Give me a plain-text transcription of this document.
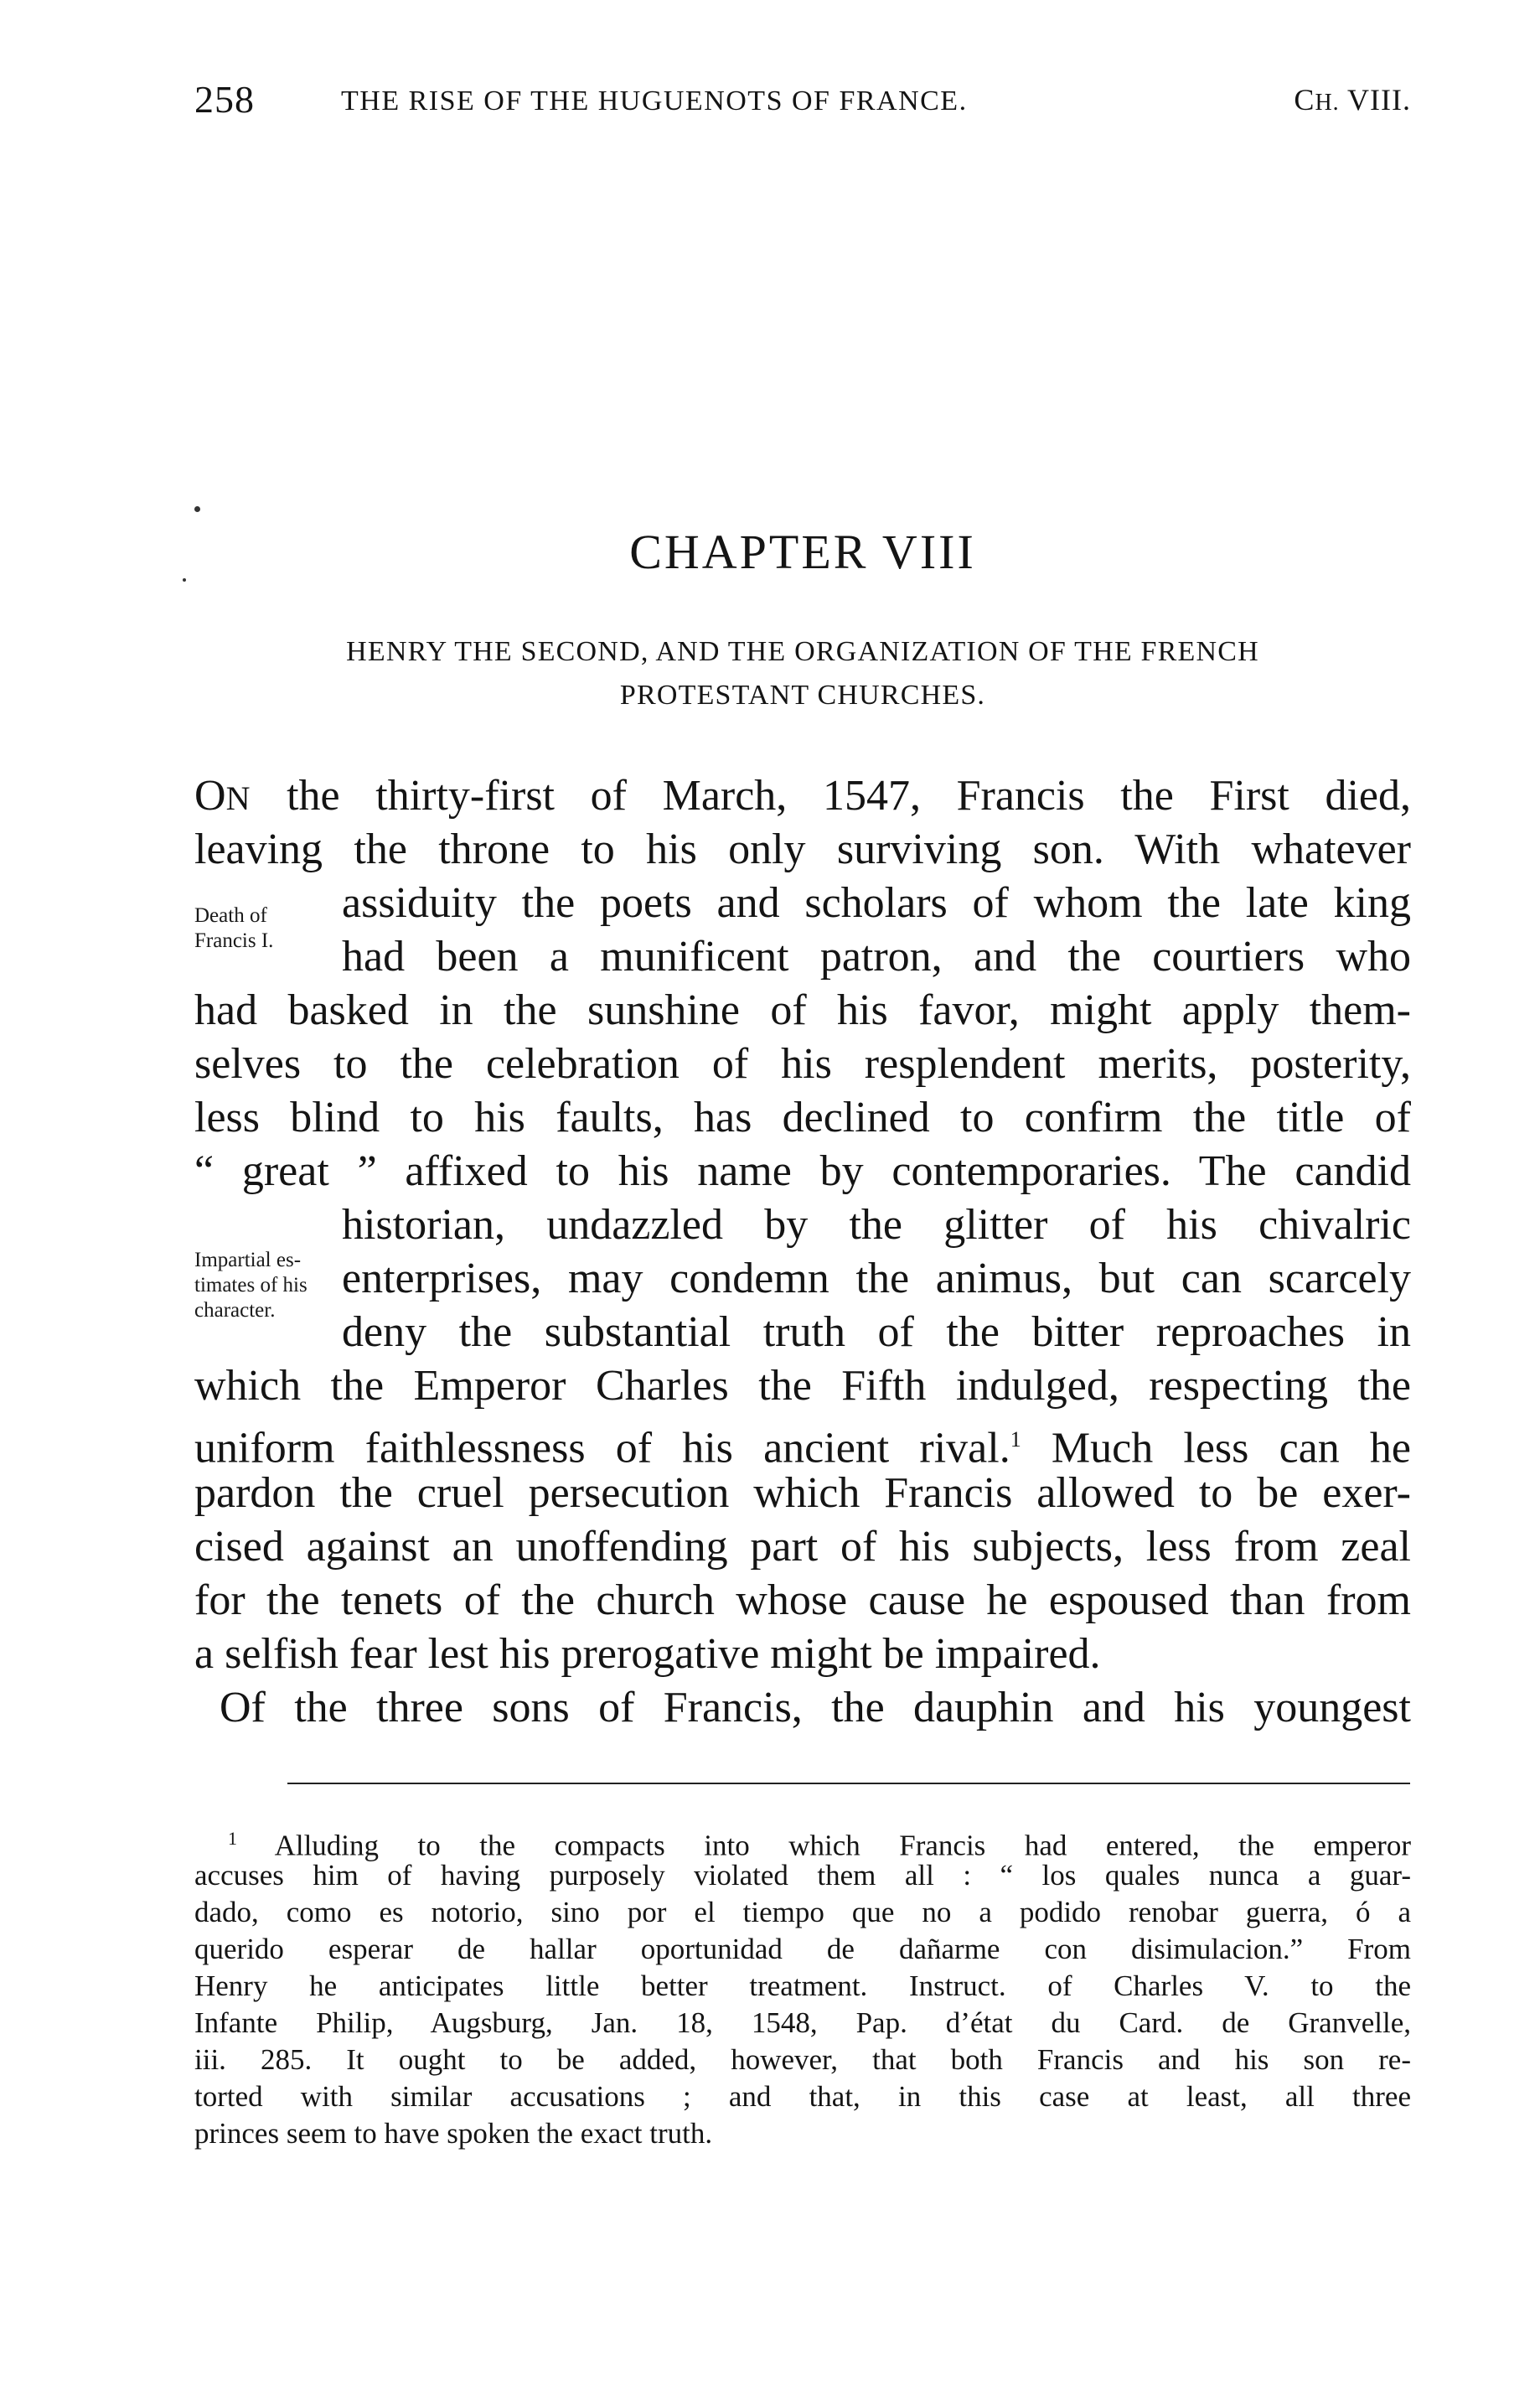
258	THE RISE OF THE HUGUENOTS OF FRANCE.	CH. VIII.
CHAPTER VIII
HENRY THE SECOND, AND THE ORGANIZATION OF THE FRENCH
PROTESTANT CHURCHES.
Death of
Francis I.
Impartial es-
timates of his
character.
ON the thirty-first of March, 1547, Francis the First died,
leaving the throne to his only surviving son. With whatever
assiduity the poets and scholars of whom the late king
had been a munificent patron, and the courtiers who
had basked in the sunshine of his favor, might apply them-
selves to the celebration of his resplendent merits, posterity,
less blind to his faults, has declined to confirm the title of
“ great ” affixed to his name by contemporaries. The candid
historian, undazzled by the glitter of his chivalric
enterprises, may condemn the animus, but can scarcely
deny the substantial truth of the bitter reproaches in
which the Emperor Charles the Fifth indulged, respecting the
uniform faithlessness of his ancient rival.$^1$ Much less can he
pardon the cruel persecution which Francis allowed to be exer-
cised against an unoffending part of his subjects, less from zeal
for the tenets of the church whose cause he espoused than from
a selfish fear lest his prerogative might be impaired.
Of the three sons of Francis, the dauphin and his youngest
$^1$ Alluding to the compacts into which Francis had entered, the emperor
accuses him of having purposely violated them all : “ los quales nunca a guar-
dado, como es notorio, sino por el tiempo que no a podido renobar guerra, ó a
querido esperar de hallar oportunidad de dañarme con disimulacion.” From
Henry he anticipates little better treatment. Instruct. of Charles V. to the
Infante Philip, Augsburg, Jan. 18, 1548, Pap. d’état du Card. de Granvelle,
iii. 285. It ought to be added, however, that both Francis and his son re-
torted with similar accusations ; and that, in this case at least, all three
princes seem to have spoken the exact truth.
